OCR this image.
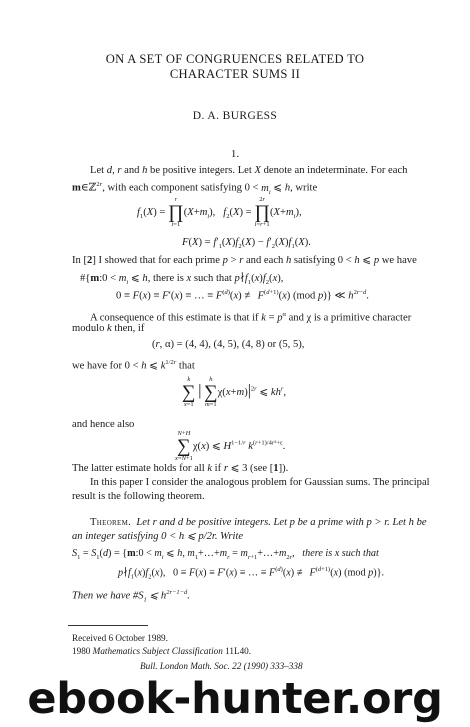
ON A SET OF CONGRUENCES RELATED TO
CHARACTER SUMS II
D. A. BURGESS
1.
Let d, r and h be positive integers. Let X denote an indeterminate. For each
m∈ℤ$^{2r}$, with each component satisfying $0 < m_i$ ⩽ h, write
$f_1(X)$ =
r
∏
i=1
$(X+m_i)$,   $f_2(X)$ =
2r
∏
i=r+1
$(X+m_i)$,
$F(X) = f'_1(X)f_2(X) - f'_2(X)f_1(X)$.
In [2] I showed that for each prime p > r and each h satisfying 0 < h ⩽ p we have
#{m:0 < $m_i$ ⩽ h, there is x such that $p∤f_1(x)f_2(x)$,
0 ≡ F(x) ≡ F′(x) ≡ … ≡ $F^{(d)}(x)$ ≢ $F^{(d+1)}(x)$ (mod p)} ≪ $h^{2r-d}$.
A consequence of this estimate is that if $k = p^\alpha$ and χ is a primitive character
modulo k then, if
(r, α) = (4, 4), (4, 5), (4, 8) or (5, 5),
we have for 0 < h ⩽ $k^{1/2r}$ that
k
∑
x=1
|
h
∑
m=1
$\chi(x+m)|^{2r}$ ⩽ $kh^r$,
and hence also
N+H
∑
x=N+1
χ(x) ⩽ $H^{1-1/r}$ $k^{(r+1)/4r^2+\varepsilon}$.
The latter estimate holds for all k if r ⩽ 3 (see [1]).
In this paper I consider the analogous problem for Gaussian sums. The principal
result is the following theorem.
Theorem.  Let r and d be positive integers. Let p be a prime with p > r. Let h be
an integer satisfying 0 < h ⩽ p/2r. Write
$S_1 = S_1(d)$ = {m:0 < $m_i$ ⩽ h, $m_1+\dots+m_r$ = $m_{r+1}+\dots+m_{2r}$,   there is x such that
$p∤f_1(x)f_2(x)$,   0 ≡ F(x) ≡ F′(x) ≡ … ≡ $F^{(d)}(x)$ ≢ $F^{(d+1)}(x)$ (mod p)}.
Then we have $\#S_1$ ⩽ $h^{2r-1-d}$.
Received 6 October 1989.
1980 Mathematics Subject Classification 11L40.
Bull. London Math. Soc. 22 (1990) 333–338
ebook-hunter.org
